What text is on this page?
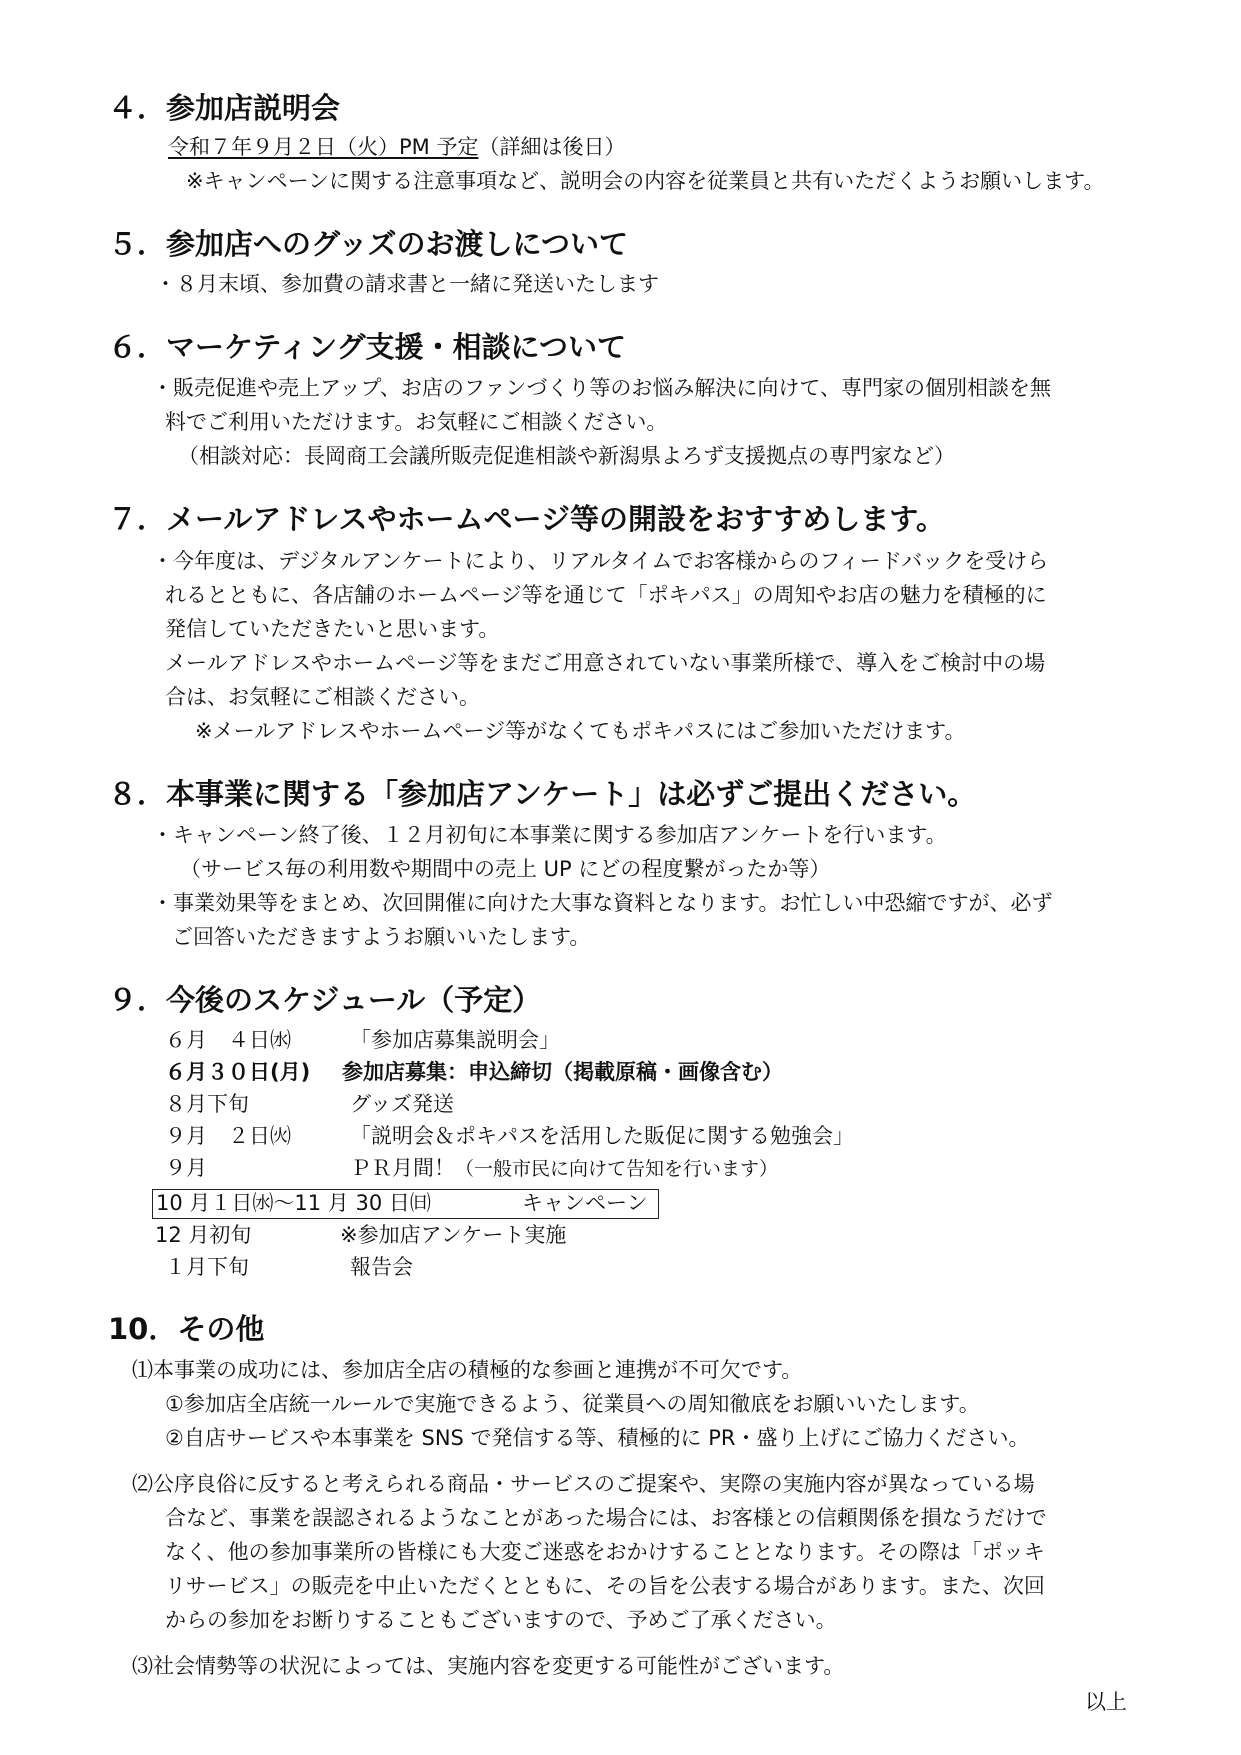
４．参加店説明会
令和７年９月２日（火）PM 予定（詳細は後日）
※キャンペーンに関する注意事項など、説明会の内容を従業員と共有いただくようお願いします。
５．参加店へのグッズのお渡しについて
・８月末頃、参加費の請求書と一緒に発送いたします
６．マーケティング支援・相談について
・販売促進や売上アップ、お店のファンづくり等のお悩み解決に向けて、専門家の個別相談を無
料でご利用いただけます。お気軽にご相談ください。
（相談対応：長岡商工会議所販売促進相談や新潟県よろず支援拠点の専門家など）
７．メールアドレスやホームページ等の開設をおすすめします。
・今年度は、デジタルアンケートにより、リアルタイムでお客様からのフィードバックを受けら
れるとともに、各店舗のホームページ等を通じて「ポキパス」の周知やお店の魅力を積極的に
発信していただきたいと思います。
メールアドレスやホームページ等をまだご用意されていない事業所様で、導入をご検討中の場
合は、お気軽にご相談ください。
※メールアドレスやホームページ等がなくてもポキパスにはご参加いただけます。
８．本事業に関する「参加店アンケート」は必ずご提出ください。
・キャンペーン終了後、１２月初旬に本事業に関する参加店アンケートを行います。
（サービス毎の利用数や期間中の売上 UP にどの程度繋がったか等）
・事業効果等をまとめ、次回開催に向けた大事な資料となります。お忙しい中恐縮ですが、必ず
ご回答いただきますようお願いいたします。
９．今後のスケジュール（予定）
６月　４日㈬	「参加店募集説明会」
６月３０日(月) 参加店募集：申込締切（掲載原稿・画像含む）
８月下旬	グッズ発送
９月　２日㈫	「説明会＆ポキパスを活用した販促に関する勉強会」
９月	ＰＲ月間！（一般市民に向けて告知を行います）
10 月１日㈬～11 月 30 日㈰	キャンペーン
12 月初旬	※参加店アンケート実施
１月下旬	報告会
10．その他
⑴本事業の成功には、参加店全店の積極的な参画と連携が不可欠です。
①参加店全店統一ルールで実施できるよう、従業員への周知徹底をお願いいたします。
②自店サービスや本事業を SNS で発信する等、積極的に PR・盛り上げにご協力ください。
⑵公序良俗に反すると考えられる商品・サービスのご提案や、実際の実施内容が異なっている場
合など、事業を誤認されるようなことがあった場合には、お客様との信頼関係を損なうだけで
なく、他の参加事業所の皆様にも大変ご迷惑をおかけすることとなります。その際は「ポッキ
リサービス」の販売を中止いただくとともに、その旨を公表する場合があります。また、次回
からの参加をお断りすることもございますので、予めご了承ください。
⑶社会情勢等の状況によっては、実施内容を変更する可能性がございます。
以上
